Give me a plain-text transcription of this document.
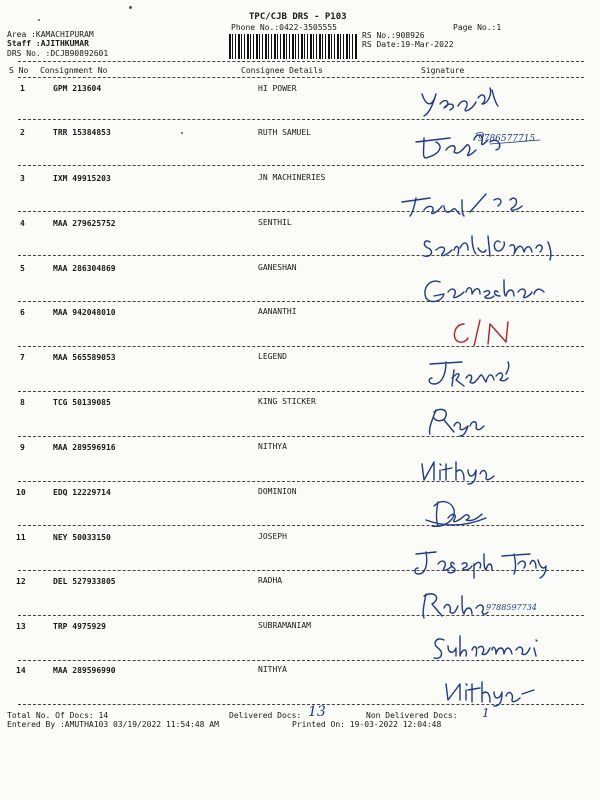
TPC/CJB DRS - P103
Phone No.:0422-3505555	Page No.:1
Area :KAMACHIPURAM
Staff :AJITHKUMAR
DRS No. :DCJB90892601
RS No.:908926
RS Date:19-Mar-2022
S No Consignment No	Consignee Details	Signature
1	GPM 213604	HI POWER
2	TRR 15384853	RUTH SAMUEL
3	IXM 49915203	JN MACHINERIES
4	MAA 279625752	SENTHIL
5	MAA 286304869	GANESHAN
6	MAA 942048010	AANANTHI
7	MAA 565589053	LEGEND
8	TCG 50139085	KING STICKER
9	MAA 289596916	NITHYA
10	EDQ 12229714	DOMINION
11	NEY 50033150	JOSEPH
12	DEL 527933805	RADHA
13	TRP 4975929	SUBRAMANIAM
14	MAA 289596990	NITHYA
9786577715
9788597734
Total No. Of Docs: 14	Delivered Docs: 13	Non Delivered Docs: 1
Entered By :AMUTHA103 03/19/2022 11:54:48 AM	Printed On: 19-03-2022 12:04:48
